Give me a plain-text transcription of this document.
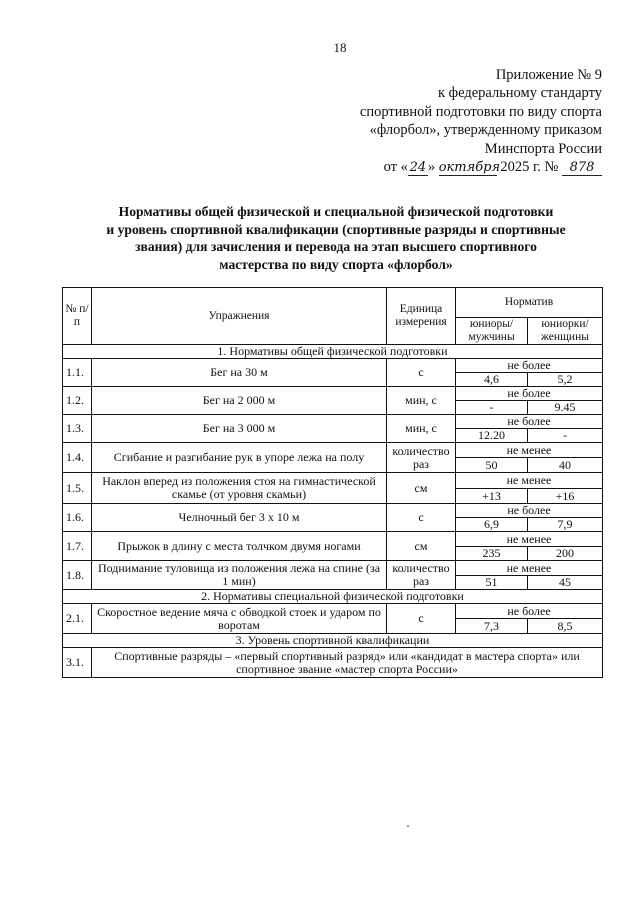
18
Приложение № 9
к федеральному стандарту
спортивной подготовки по виду спорта
«флорбол», утвержденному приказом
Минспорта России
от « 24 » октября 2025 г. № 878
Нормативы общей физической и специальной физической подготовки
и уровень спортивной квалификации (спортивные разряды и спортивные
звания) для зачисления и перевода на этап высшего спортивного
мастерства по виду спорта «флорбол»
№ п/п	Упражнения	Единица измерения	Норматив	
			юниоры/ мужчины	юниорки/ женщины
1. Нормативы общей физической подготовки				
1.1.	Бег на 30 м	с	не более	
			4,6	5,2
1.2.	Бег на 2 000 м	мин, с	не более	
			-	9.45
1.3.	Бег на 3 000 м	мин, с	не более	
			12.20	-
1.4.	Сгибание и разгибание рук в упоре лежа на полу	количество раз	не менее	
			50	40
1.5.	Наклон вперед из положения стоя на гимнастической скамье (от уровня скамьи)	см	не менее	
			+13	+16
1.6.	Челночный бег 3 х 10 м	с	не более	
			6,9	7,9
1.7.	Прыжок в длину с места толчком двумя ногами	см	не менее	
			235	200
1.8.	Поднимание туловища из положения лежа на спине (за 1 мин)	количество раз	не менее	
			51	45
2. Нормативы специальной физической подготовки				
2.1.	Скоростное ведение мяча с обводкой стоек и ударом по воротам	с	не более	
			7,3	8,5
3. Уровень спортивной квалификации				
3.1.	Спортивные разряды – «первый спортивный разряд» или «кандидат в мастера спорта» или спортивное звание «мастер спорта России»			
